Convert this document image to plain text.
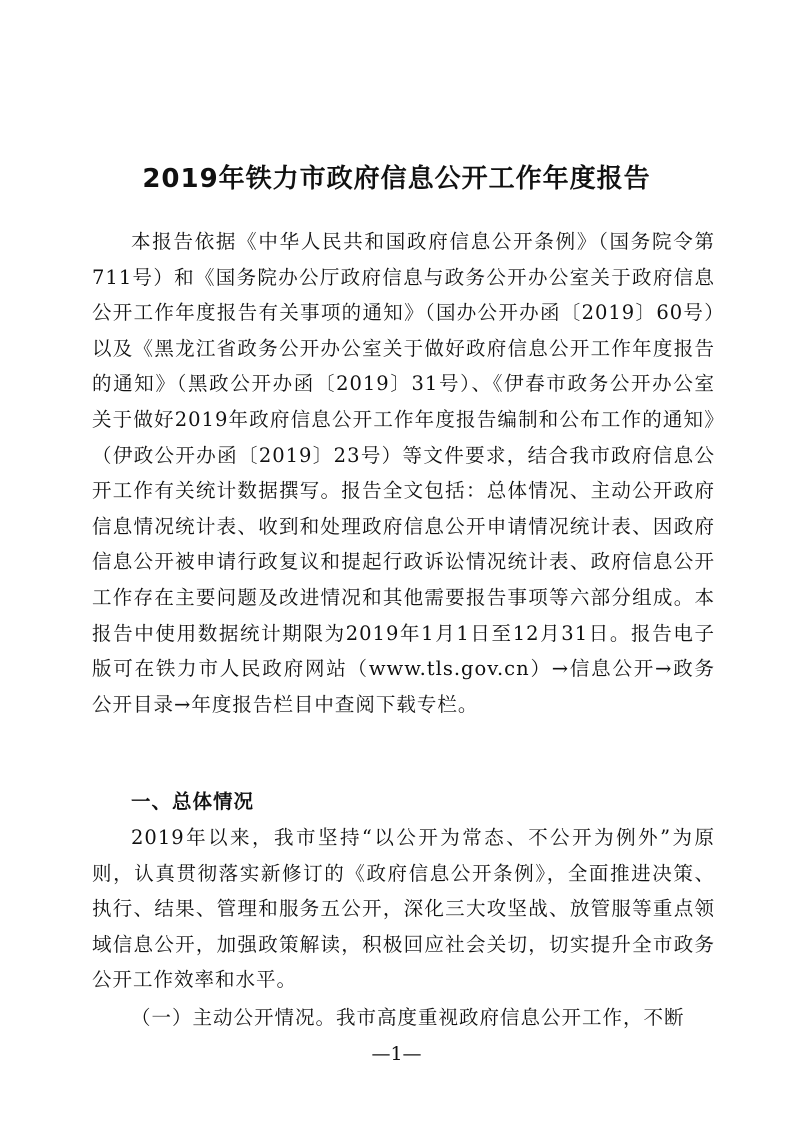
2019年铁力市政府信息公开工作年度报告

本报告依据《中华人民共和国政府信息公开条例》（国务院令第711号）和《国务院办公厅政府信息与政务公开办公室关于政府信息公开工作年度报告有关事项的通知》（国办公开办函〔2019〕60号）以及《黑龙江省政务公开办公室关于做好政府信息公开工作年度报告的通知》（黑政公开办函〔2019〕31号）、《伊春市政务公开办公室关于做好2019年政府信息公开工作年度报告编制和公布工作的通知》（伊政公开办函〔2019〕23号）等文件要求，结合我市政府信息公开工作有关统计数据撰写。报告全文包括：总体情况、主动公开政府信息情况统计表、收到和处理政府信息公开申请情况统计表、因政府信息公开被申请行政复议和提起行政诉讼情况统计表、政府信息公开工作存在主要问题及改进情况和其他需要报告事项等六部分组成。本报告中使用数据统计期限为2019年1月1日至12月31日。报告电子版可在铁力市人民政府网站（www.tls.gov.cn）→信息公开→政务公开目录→年度报告栏目中查阅下载专栏。

一、总体情况

2019年以来，我市坚持“以公开为常态、不公开为例外”为原则，认真贯彻落实新修订的《政府信息公开条例》，全面推进决策、执行、结果、管理和服务五公开，深化三大攻坚战、放管服等重点领域信息公开，加强政策解读，积极回应社会关切，切实提升全市政务公开工作效率和水平。

（一）主动公开情况。我市高度重视政府信息公开工作，不断

—1—
